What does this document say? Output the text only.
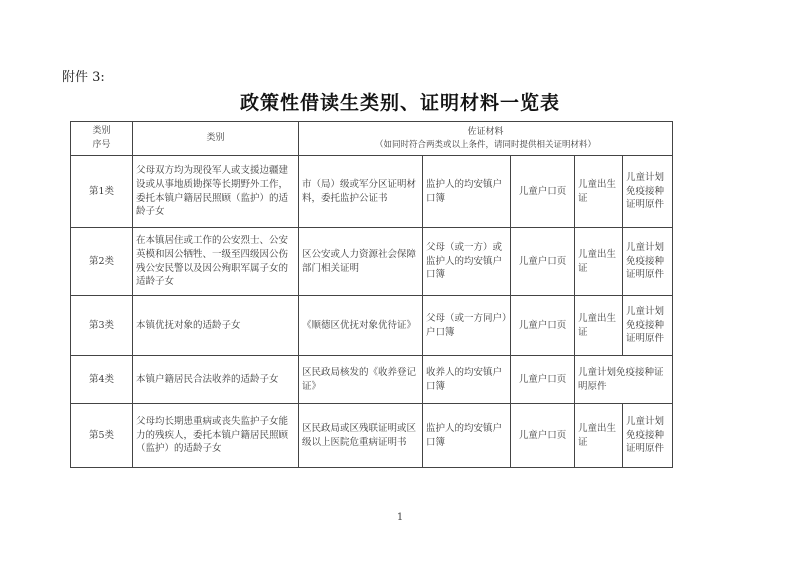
附件 3:
政策性借读生类别、证明材料一览表
类别
序号	类别	佐证材料
（如同时符合两类或以上条件，请同时提供相关证明材料）				

第1类	父母双方均为现役军人或支援边疆建设或从事地质勘探等长期野外工作，委托本镇户籍居民照顾（监护）的适龄子女	市（局）级或军分区证明材料，委托监护公证书	监护人的均安镇户口簿	儿童户口页	儿童出生证	儿童计划免疫接种证明原件
第2类	在本镇居住或工作的公安烈士、公安英模和因公牺牲、一级至四级因公伤残公安民警以及因公殉职军属子女的适龄子女	区公安或人力资源社会保障部门相关证明	父母（或一方）或监护人的均安镇户口簿	儿童户口页	儿童出生证	儿童计划免疫接种证明原件
第3类	本镇优抚对象的适龄子女	《顺德区优抚对象优待证》	父母（或一方同户）户口簿	儿童户口页	儿童出生证	儿童计划免疫接种证明原件
第4类	本镇户籍居民合法收养的适龄子女	区民政局核发的《收养登记证》	收养人的均安镇户口簿	儿童户口页	儿童计划免疫接种证明原件	
第5类	父母均长期患重病或丧失监护子女能力的残疾人，委托本镇户籍居民照顾（监护）的适龄子女	区民政局或区残联证明或区级以上医院危重病证明书	监护人的均安镇户口簿	儿童户口页	儿童出生证	儿童计划免疫接种证明原件
1
